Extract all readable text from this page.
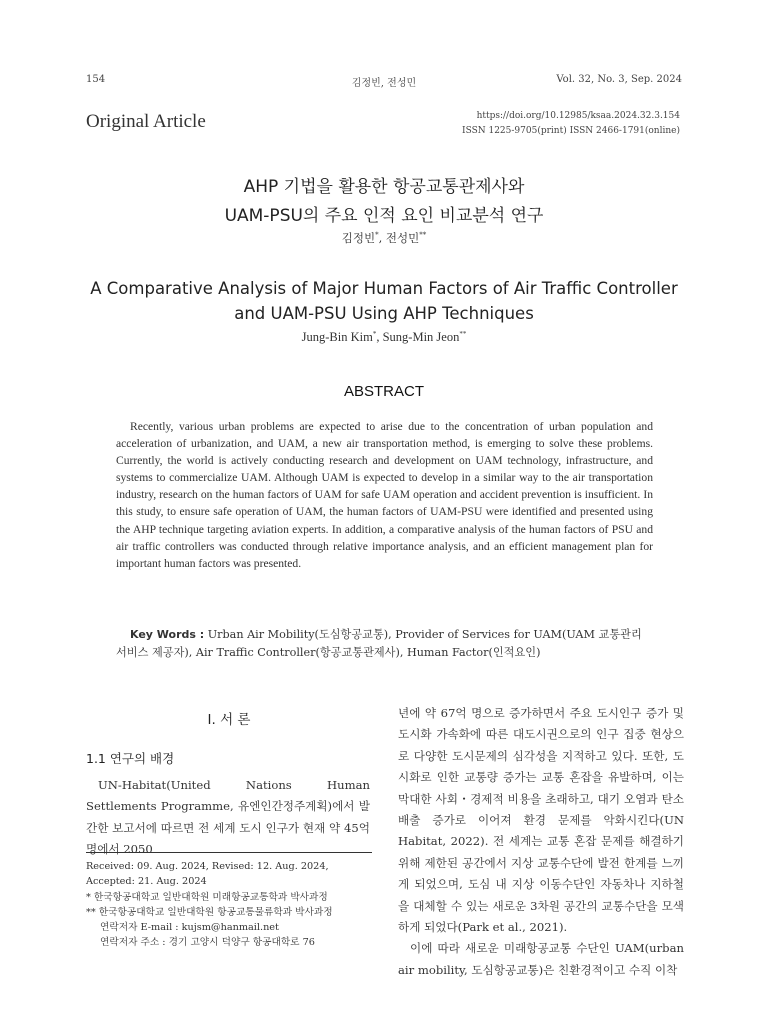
154	김정빈, 전성민	Vol. 32, No. 3, Sep. 2024
Original Article	https://doi.org/10.12985/ksaa.2024.32.3.154
ISSN 1225-9705(print) ISSN 2466-1791(online)
AHP 기법을 활용한 항공교통관제사와
UAM-PSU의 주요 인적 요인 비교분석 연구
김정빈*, 전성민**
A Comparative Analysis of Major Human Factors of Air Traffic Controller
and UAM-PSU Using AHP Techniques
Jung-Bin Kim*, Sung-Min Jeon**
ABSTRACT
Recently, various urban problems are expected to arise due to the concentration of urban population and acceleration of urbanization, and UAM, a new air transportation method, is emerging to solve these problems. Currently, the world is actively conducting research and development on UAM technology, infrastructure, and systems to commercialize UAM. Although UAM is expected to develop in a similar way to the air transportation industry, research on the human factors of UAM for safe UAM operation and accident prevention is insufficient. In this study, to ensure safe operation of UAM, the human factors of UAM-PSU were identified and presented using the AHP technique targeting aviation experts. In addition, a comparative analysis of the human factors of PSU and air traffic controllers was conducted through relative importance analysis, and an efficient management plan for important human factors was presented.
Key Words : Urban Air Mobility(도심항공교통), Provider of Services for UAM(UAM 교통관리 서비스 제공자), Air Traffic Controller(항공교통관제사), Human Factor(인적요인)
Ⅰ. 서 론
1.1 연구의 배경
UN-Habitat(United Nations Human Settlements Programme, 유엔인간정주계획)에서 발간한 보고서에 따르면 전 세계 도시 인구가 현재 약 45억 명에서 2050
Received: 09. Aug. 2024, Revised: 12. Aug. 2024,
Accepted: 21. Aug. 2024
* 한국항공대학교 일반대학원 미래항공교통학과 박사과정
** 한국항공대학교 일반대학원 항공교통물류학과 박사과정
연락저자 E-mail : kujsm@hanmail.net
연락저자 주소 : 경기 고양시 덕양구 항공대학로 76

년에 약 67억 명으로 증가하면서 주요 도시인구 증가 및 도시화 가속화에 따른 대도시권으로의 인구 집중 현상으로 다양한 도시문제의 심각성을 지적하고 있다. 또한, 도시화로 인한 교통량 증가는 교통 혼잡을 유발하며, 이는 막대한 사회・경제적 비용을 초래하고, 대기 오염과 탄소 배출 증가로 이어져 환경 문제를 악화시킨다(UN Habitat, 2022). 전 세계는 교통 혼잡 문제를 해결하기 위해 제한된 공간에서 지상 교통수단에 발전 한계를 느끼게 되었으며, 도심 내 지상 이동수단인 자동차나 지하철을 대체할 수 있는 새로운 3차원 공간의 교통수단을 모색하게 되었다(Park et al., 2021).

이에 따라 새로운 미래항공교통 수단인 UAM(urban air mobility, 도심항공교통)은 친환경적이고 수직 이착
